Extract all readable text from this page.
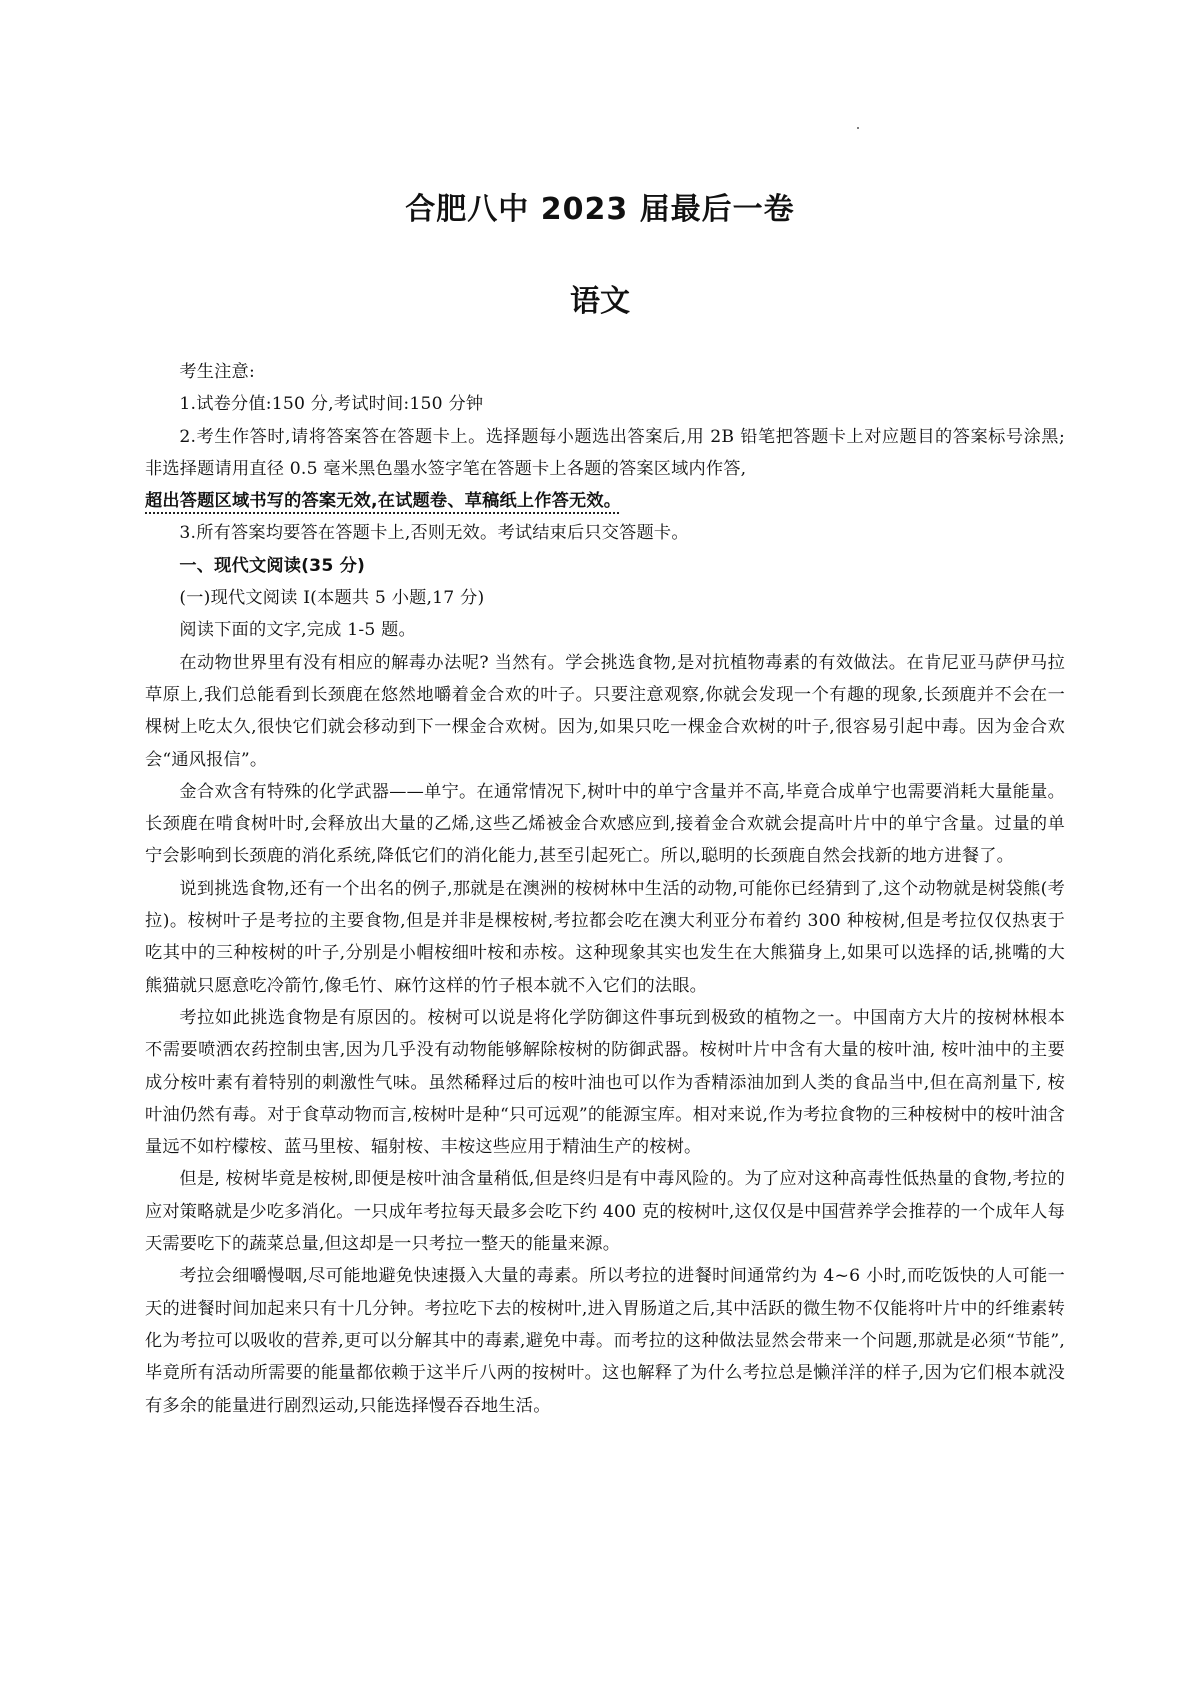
合肥八中 2023 届最后一卷
语文

考生注意:

1.试卷分值:150 分,考试时间:150 分钟

2.考生作答时,请将答案答在答题卡上。选择题每小题选出答案后,用 2B 铅笔把答题卡上对应题目的答案标号涂黑;非选择题请用直径 0.5 毫米黑色墨水签字笔在答题卡上各题的答案区域内作答,

超出答题区域书写的答案无效,在试题卷、草稿纸上作答无效。

3.所有答案均要答在答题卡上,否则无效。考试结束后只交答题卡。

一、现代文阅读(35 分)

(一)现代文阅读 I(本题共 5 小题,17 分)

阅读下面的文字,完成 1-5 题。

在动物世界里有没有相应的解毒办法呢? 当然有。学会挑选食物,是对抗植物毒素的有效做法。在肯尼亚马萨伊马拉草原上,我们总能看到长颈鹿在悠然地嚼着金合欢的叶子。只要注意观察,你就会发现一个有趣的现象,长颈鹿并不会在一棵树上吃太久,很快它们就会移动到下一棵金合欢树。因为,如果只吃一棵金合欢树的叶子,很容易引起中毒。因为金合欢会“通风报信”。

金合欢含有特殊的化学武器——单宁。在通常情况下,树叶中的单宁含量并不高,毕竟合成单宁也需要消耗大量能量。长颈鹿在啃食树叶时,会释放出大量的乙烯,这些乙烯被金合欢感应到,接着金合欢就会提高叶片中的单宁含量。过量的单宁会影响到长颈鹿的消化系统,降低它们的消化能力,甚至引起死亡。所以,聪明的长颈鹿自然会找新的地方进餐了。

说到挑选食物,还有一个出名的例子,那就是在澳洲的桉树林中生活的动物,可能你已经猜到了,这个动物就是树袋熊(考拉)。桉树叶子是考拉的主要食物,但是并非是棵桉树,考拉都会吃在澳大利亚分布着约 300 种桉树,但是考拉仅仅热衷于吃其中的三种桉树的叶子,分别是小帽桉细叶桉和赤桉。这种现象其实也发生在大熊猫身上,如果可以选择的话,挑嘴的大熊猫就只愿意吃冷箭竹,像毛竹、麻竹这样的竹子根本就不入它们的法眼。

考拉如此挑选食物是有原因的。桉树可以说是将化学防御这件事玩到极致的植物之一。中国南方大片的按树林根本不需要喷洒农药控制虫害,因为几乎没有动物能够解除桉树的防御武器。桉树叶片中含有大量的桉叶油, 桉叶油中的主要成分桉叶素有着特别的刺激性气味。虽然稀释过后的桉叶油也可以作为香精添油加到人类的食品当中,但在高剂量下, 桉叶油仍然有毒。对于食草动物而言,桉树叶是种“只可远观”的能源宝库。相对来说,作为考拉食物的三种桉树中的桉叶油含量远不如柠檬桉、蓝马里桉、辐射桉、丰桉这些应用于精油生产的桉树。

但是, 桉树毕竟是桉树,即便是桉叶油含量稍低,但是终归是有中毒风险的。为了应对这种高毒性低热量的食物,考拉的应对策略就是少吃多消化。一只成年考拉每天最多会吃下约 400 克的桉树叶,这仅仅是中国营养学会推荐的一个成年人每天需要吃下的蔬菜总量,但这却是一只考拉一整天的能量来源。

考拉会细嚼慢咽,尽可能地避免快速摄入大量的毒素。所以考拉的进餐时间通常约为 4~6 小时,而吃饭快的人可能一天的进餐时间加起来只有十几分钟。考拉吃下去的桉树叶,进入胃肠道之后,其中活跃的微生物不仅能将叶片中的纤维素转化为考拉可以吸收的营养,更可以分解其中的毒素,避免中毒。而考拉的这种做法显然会带来一个问题,那就是必须“节能”,毕竟所有活动所需要的能量都依赖于这半斤八两的按树叶。这也解释了为什么考拉总是懒洋洋的样子,因为它们根本就没有多余的能量进行剧烈运动,只能选择慢吞吞地生活。
